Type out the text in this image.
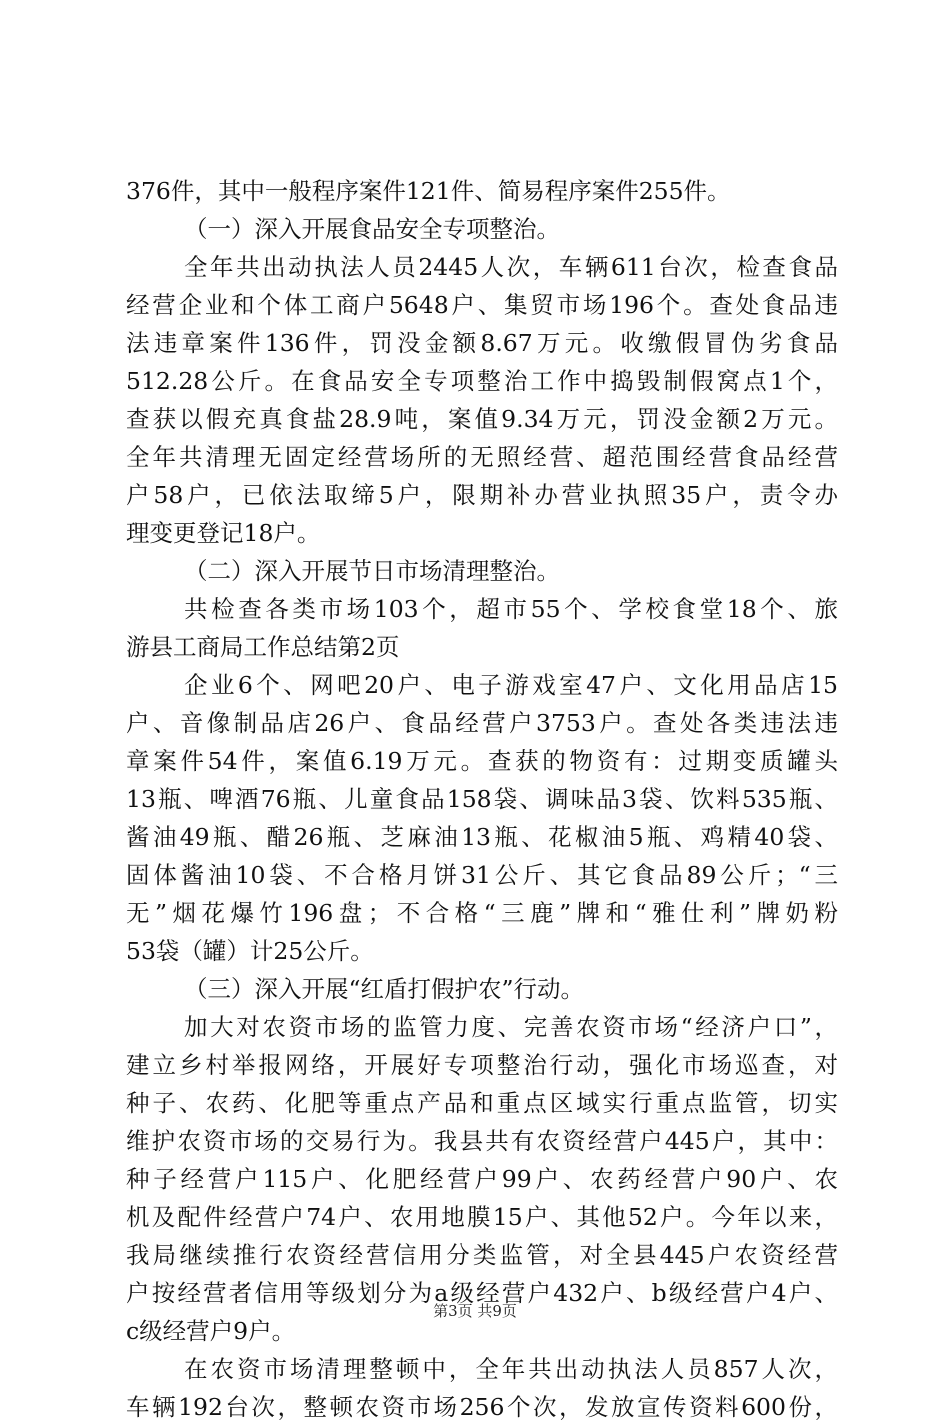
376件，其中一般程序案件121件、简易程序案件255件。
（一）深入开展食品安全专项整治。
全年共出动执法人员2445人次，车辆611台次，检查食品
经营企业和个体工商户5648户、集贸市场196个。查处食品违
法违章案件136件，罚没金额8.67万元。收缴假冒伪劣食品
512.28公斤。在食品安全专项整治工作中捣毁制假窝点1个，
查获以假充真食盐28.9吨，案值9.34万元，罚没金额2万元。
全年共清理无固定经营场所的无照经营、超范围经营食品经营
户58户，已依法取缔5户，限期补办营业执照35户，责令办
理变更登记18户。
（二）深入开展节日市场清理整治。
共检查各类市场103个，超市55个、学校食堂18个、旅
游县工商局工作总结第2页
企业6个、网吧20户、电子游戏室47户、文化用品店15
户、音像制品店26户、食品经营户3753户。查处各类违法违
章案件54件，案值6.19万元。查获的物资有：过期变质罐头
13瓶、啤酒76瓶、儿童食品158袋、调味品3袋、饮料535瓶、
酱油49瓶、醋26瓶、芝麻油13瓶、花椒油5瓶、鸡精40袋、
固体酱油10袋、不合格月饼31公斤、其它食品89公斤；“三
无”烟花爆竹196盘；不合格“三鹿”牌和“雅仕利”牌奶粉
53袋（罐）计25公斤。
（三）深入开展“红盾打假护农”行动。
加大对农资市场的监管力度、完善农资市场“经济户口”，
建立乡村举报网络，开展好专项整治行动，强化市场巡查，对
种子、农药、化肥等重点产品和重点区域实行重点监管，切实
维护农资市场的交易行为。我县共有农资经营户445户，其中：
种子经营户115户、化肥经营户99户、农药经营户90户、农
机及配件经营户74户、农用地膜15户、其他52户。今年以来，
我局继续推行农资经营信用分类监管，对全县445户农资经营
户按经营者信用等级划分为a级经营户432户、b级经营户4户、
c级经营户9户。
在农资市场清理整顿中，全年共出动执法人员857人次，
车辆192台次，整顿农资市场256个次，发放宣传资料600份，
第3页 共9页
